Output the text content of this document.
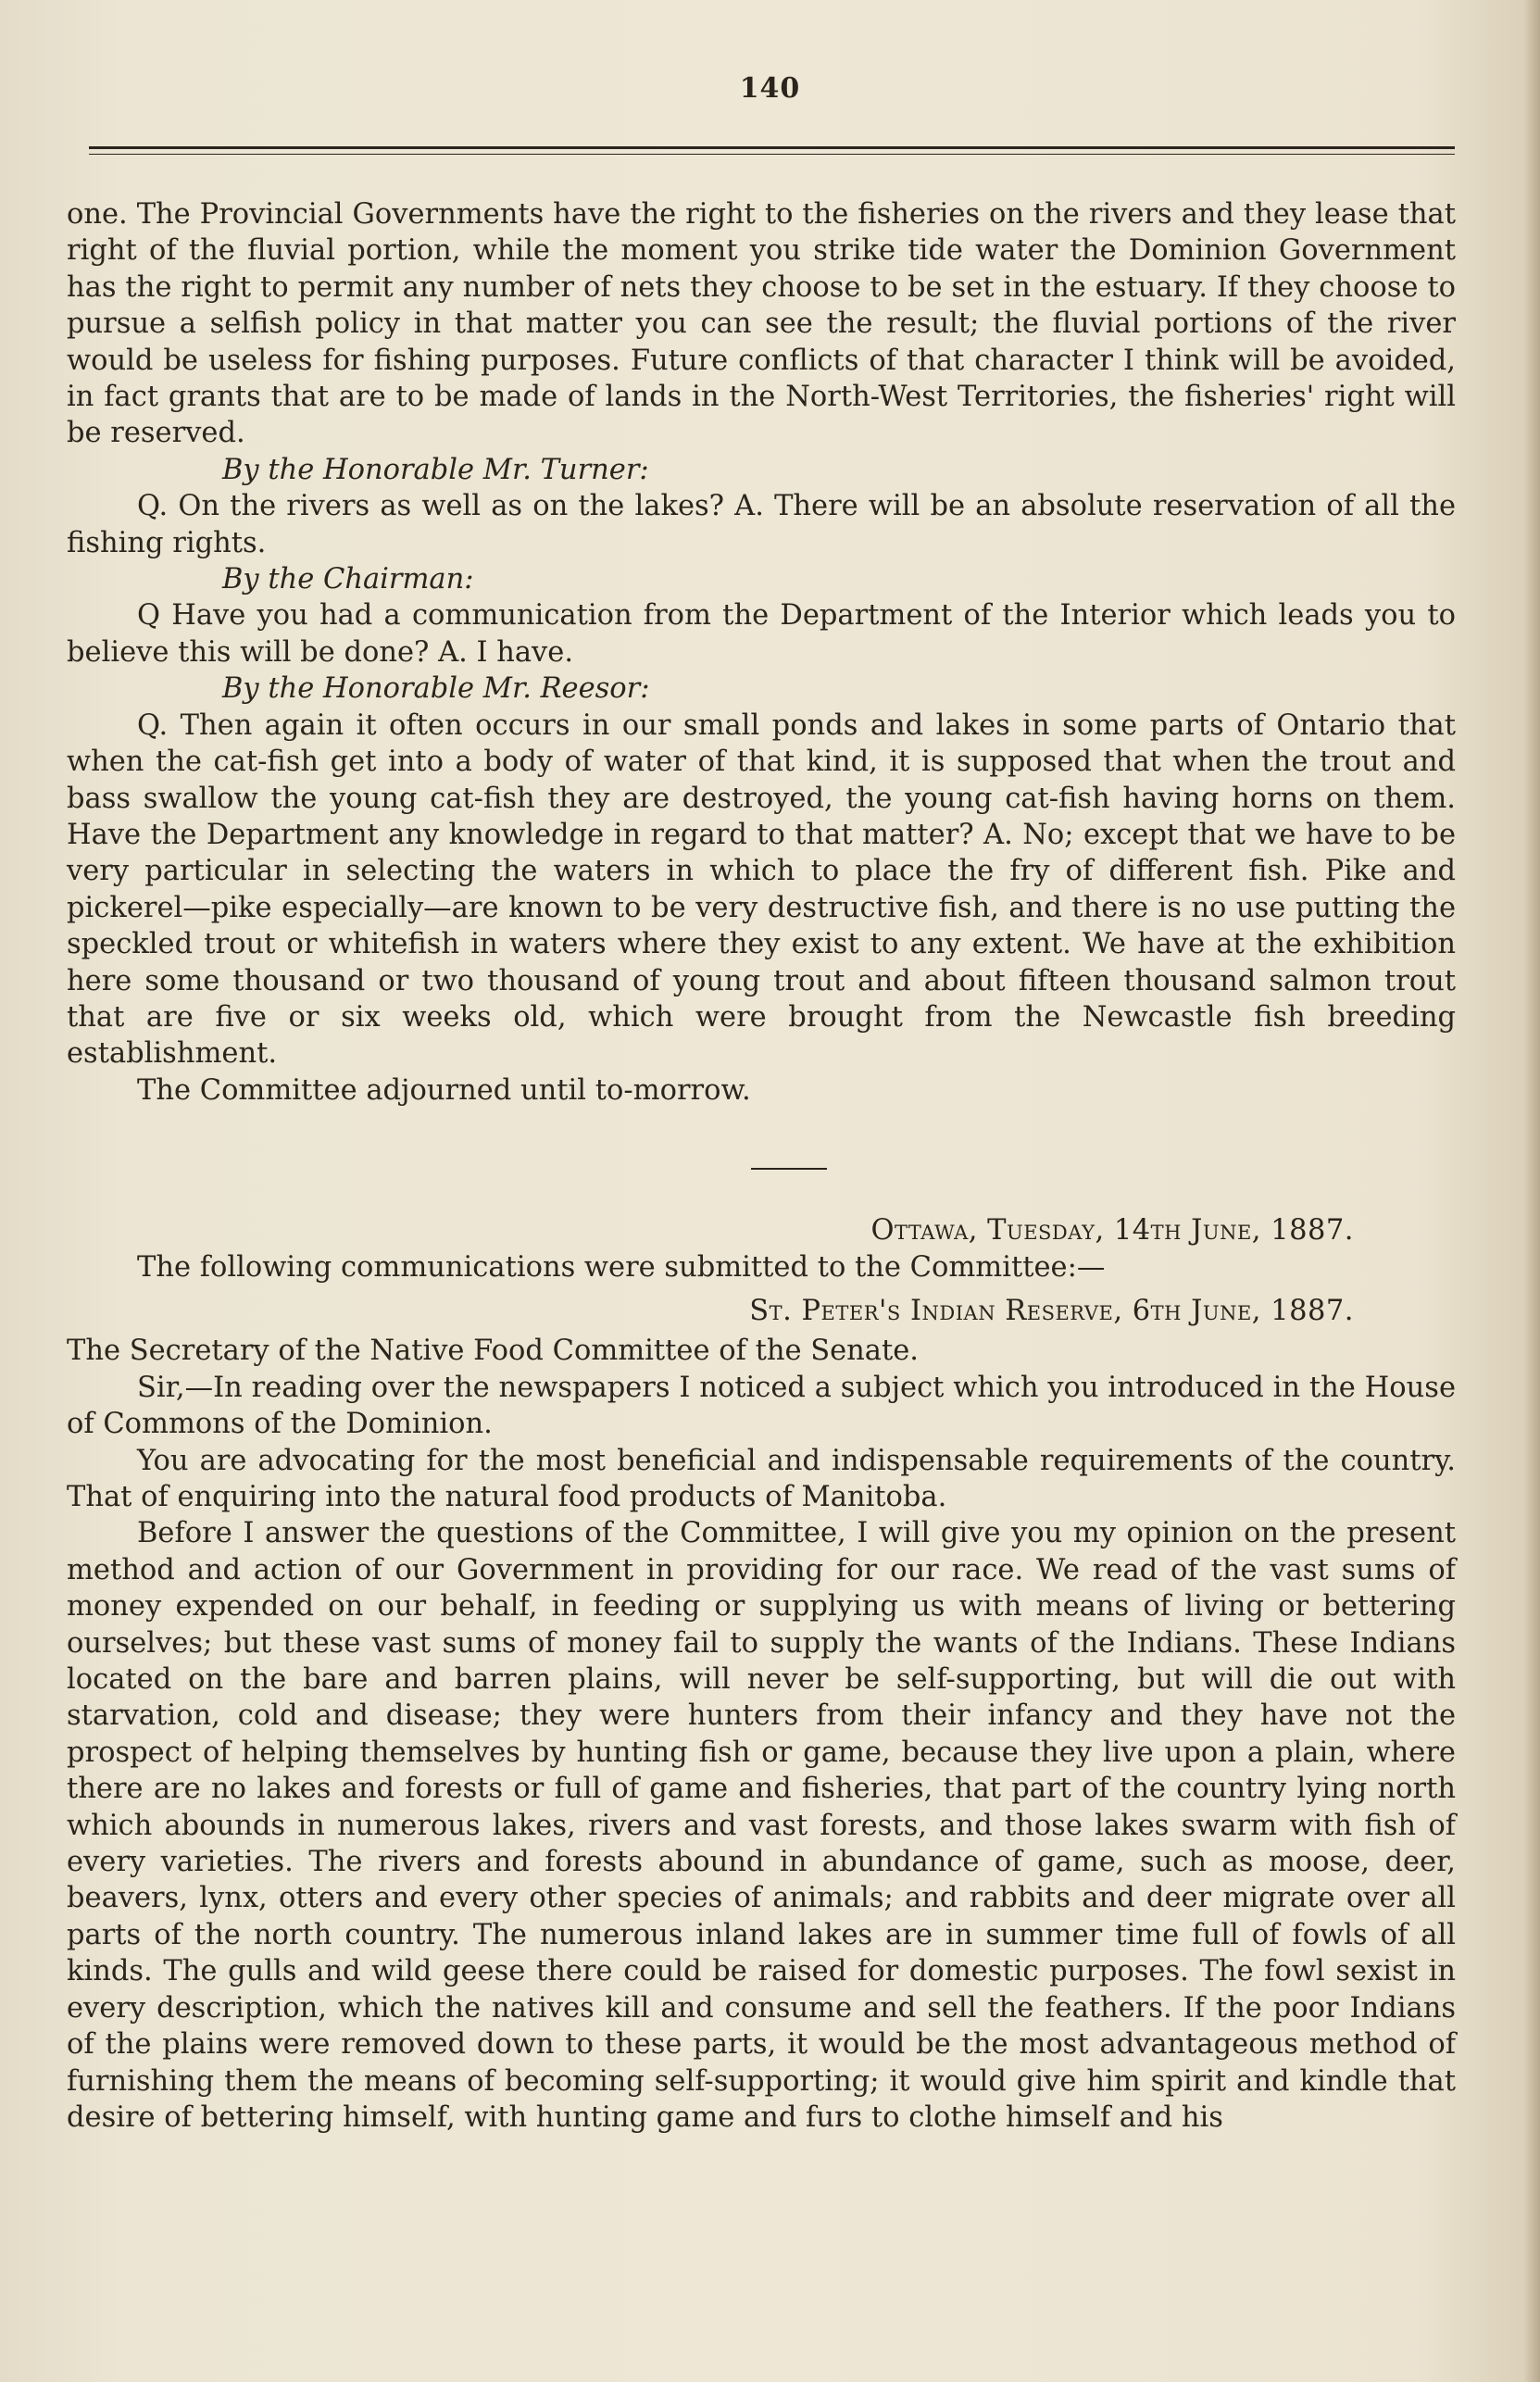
140

one. The Provincial Governments have the right to the fisheries on the rivers and they lease that right of the fluvial portion, while the moment you strike tide water the Dominion Government has the right to permit any number of nets they choose to be set in the estuary. If they choose to pursue a selfish policy in that matter you can see the result; the fluvial portions of the river would be useless for fishing purposes. Future conflicts of that character I think will be avoided, in fact grants that are to be made of lands in the North-West Territories, the fisheries' right will be reserved.

By the Honorable Mr. Turner:

Q. On the rivers as well as on the lakes? A. There will be an absolute reservation of all the fishing rights.

By the Chairman:

Q Have you had a communication from the Department of the Interior which leads you to believe this will be done? A. I have.

By the Honorable Mr. Reesor:

Q. Then again it often occurs in our small ponds and lakes in some parts of Ontario that when the cat-fish get into a body of water of that kind, it is supposed that when the trout and bass swallow the young cat-fish they are destroyed, the young cat-fish having horns on them. Have the Department any knowledge in regard to that matter? A. No; except that we have to be very particular in selecting the waters in which to place the fry of different fish. Pike and pickerel—pike especially—are known to be very destructive fish, and there is no use putting the speckled trout or whitefish in waters where they exist to any extent. We have at the exhibition here some thousand or two thousand of young trout and about fifteen thousand salmon trout that are five or six weeks old, which were brought from the Newcastle fish breeding establishment.

The Committee adjourned until to-morrow.

Ottawa, Tuesday, 14th June, 1887.

The following communications were submitted to the Committee:—

St. Peter's Indian Reserve, 6th June, 1887.

The Secretary of the Native Food Committee of the Senate.

Sir,—In reading over the newspapers I noticed a subject which you introduced in the House of Commons of the Dominion.

You are advocating for the most beneficial and indispensable requirements of the country. That of enquiring into the natural food products of Manitoba.

Before I answer the questions of the Committee, I will give you my opinion on the present method and action of our Government in providing for our race. We read of the vast sums of money expended on our behalf, in feeding or supplying us with means of living or bettering ourselves; but these vast sums of money fail to supply the wants of the Indians. These Indians located on the bare and barren plains, will never be self-supporting, but will die out with starvation, cold and disease; they were hunters from their infancy and they have not the prospect of helping themselves by hunting fish or game, because they live upon a plain, where there are no lakes and forests or full of game and fisheries, that part of the country lying north which abounds in numerous lakes, rivers and vast forests, and those lakes swarm with fish of every varieties. The rivers and forests abound in abundance of game, such as moose, deer, beavers, lynx, otters and every other species of animals; and rabbits and deer migrate over all parts of the north country. The numerous inland lakes are in summer time full of fowls of all kinds. The gulls and wild geese there could be raised for domestic purposes. The fowl sexist in every description, which the natives kill and consume and sell the feathers. If the poor Indians of the plains were removed down to these parts, it would be the most advantageous method of furnishing them the means of becoming self-supporting; it would give him spirit and kindle that desire of bettering himself, with hunting game and furs to clothe himself and his
